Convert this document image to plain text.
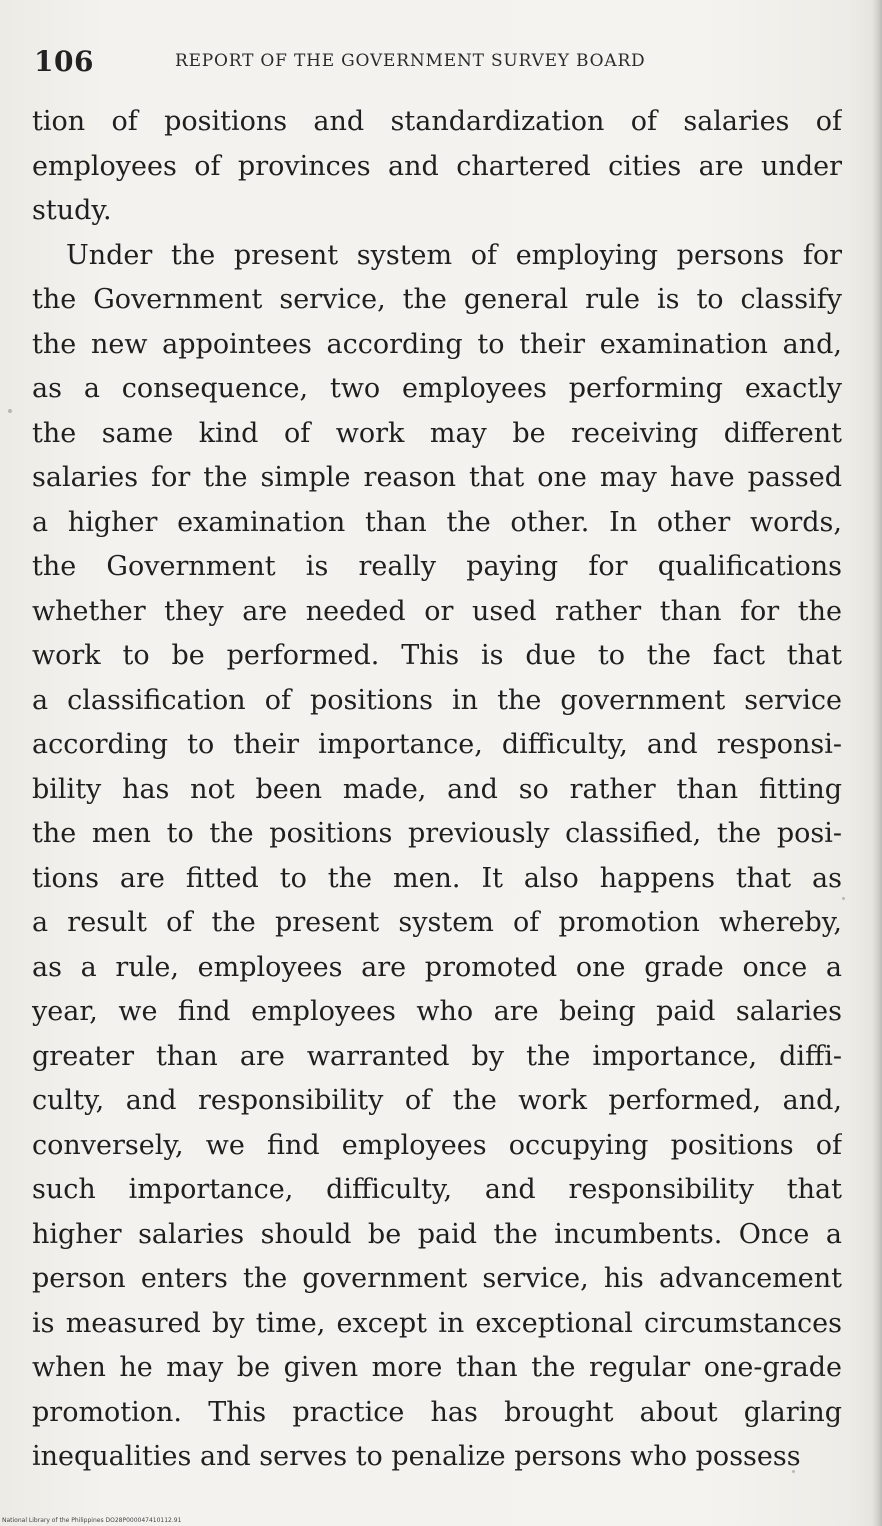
106	REPORT OF THE GOVERNMENT SURVEY BOARD
tion of positions and standardization of salaries of
employees of provinces and chartered cities are under
study.
Under the present system of employing persons for
the Government service, the general rule is to classify
the new appointees according to their examination and,
as a consequence, two employees performing exactly
the same kind of work may be receiving different
salaries for the simple reason that one may have passed
a higher examination than the other. In other words,
the Government is really paying for qualifications
whether they are needed or used rather than for the
work to be performed. This is due to the fact that
a classification of positions in the government service
according to their importance, difficulty, and responsi-
bility has not been made, and so rather than fitting
the men to the positions previously classified, the posi-
tions are fitted to the men. It also happens that as
a result of the present system of promotion whereby,
as a rule, employees are promoted one grade once a
year, we find employees who are being paid salaries
greater than are warranted by the importance, diffi-
culty, and responsibility of the work performed, and,
conversely, we find employees occupying positions of
such importance, difficulty, and responsibility that
higher salaries should be paid the incumbents. Once a
person enters the government service, his advancement
is measured by time, except in exceptional circumstances
when he may be given more than the regular one-grade
promotion. This practice has brought about glaring
inequalities and serves to penalize persons who possess
National Library of the Philippines DO28P000047410112.91
